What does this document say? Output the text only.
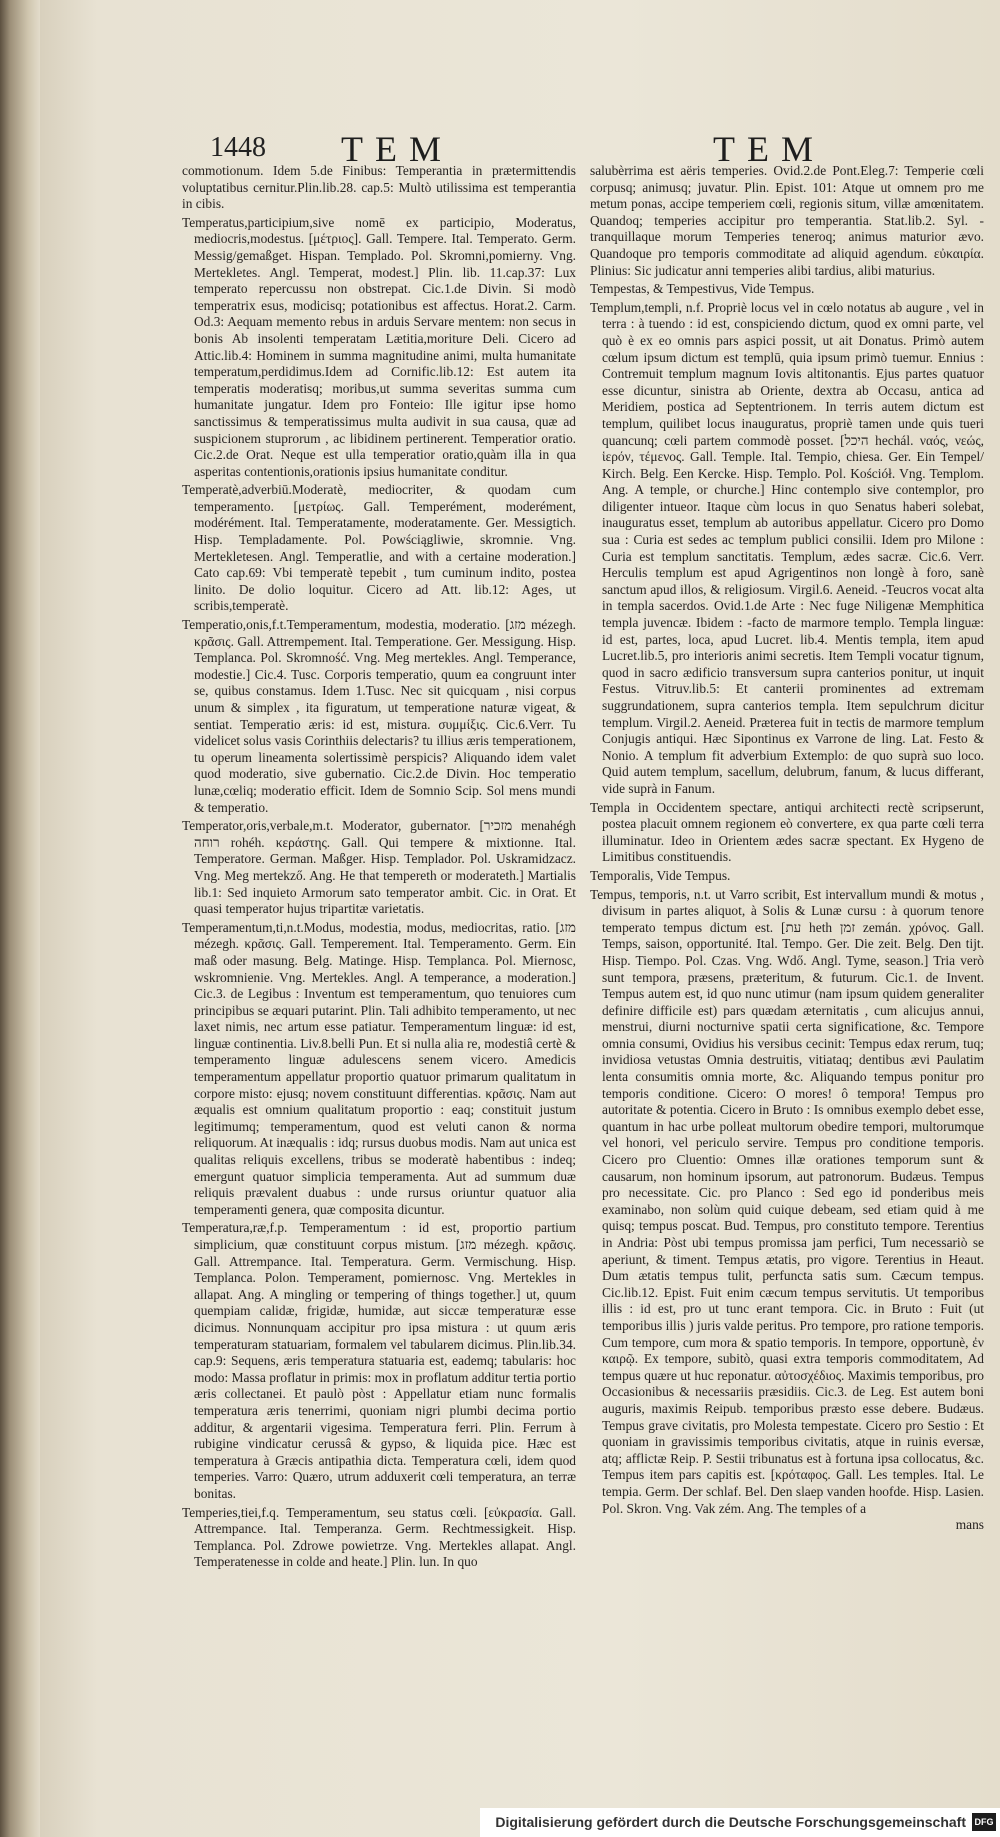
1448 TEM	TEM

commotionum. Idem 5.de Finibus: Temperantia in prætermittendis voluptatibus cernitur.Plin.lib.28. cap.5: Multò utilissima est temperantia in cibis.

Temperatus,participium,sive nomē ex participio, Moderatus, mediocris,modestus. [μέτριος]. Gall. Tempere. Ital. Temperato. Germ. Messig/gemaßget. Hispan. Templado. Pol. Skromni,pomierny. Vng. Mertekletes. Angl. Temperat, modest.] Plin. lib. 11.cap.37: Lux temperato repercussu non obstrepat. Cic.1.de Divin. Si modò temperatrix esus, modicisq; potationibus est affectus. Horat.2. Carm. Od.3: Aequam memento rebus in arduis Servare mentem: non secus in bonis Ab insolenti temperatam Lætitia,moriture Deli. Cicero ad Attic.lib.4: Hominem in summa magnitudine animi, multa humanitate temperatum,perdidimus.Idem ad Cornific.lib.12: Est autem ita temperatis moderatisq; moribus,ut summa severitas summa cum humanitate jungatur. Idem pro Fonteio: Ille igitur ipse homo sanctissimus & temperatissimus multa audivit in sua causa, quæ ad suspicionem stuprorum , ac libidinem pertinerent. Temperatior oratio. Cic.2.de Orat. Neque est ulla temperatior oratio,quàm illa in qua asperitas contentionis,orationis ipsius humanitate conditur.

Temperatè,adverbiū.Moderatè, mediocriter, & quodam cum temperamento. [μετρίως. Gall. Temperément, moderément, modérément. Ital. Temperatamente, moderatamente. Ger. Messigtich. Hisp. Templadamente. Pol. Powściągliwie, skromnie. Vng. Mertekletesen. Angl. Temperatlie, and with a certaine moderation.] Cato cap.69: Vbi temperatè tepebit , tum cuminum indito, postea linito. De dolio loquitur. Cicero ad Att. lib.12: Ages, ut scribis,temperatè.

Temperatio,onis,f.t.Temperamentum, modestia, moderatio. [מזג mézegh. κρᾶσις. Gall. Attrempement. Ital. Temperatione. Ger. Messigung. Hisp. Templanca. Pol. Skromność. Vng. Meg mertekles. Angl. Temperance, modestie.] Cic.4. Tusc. Corporis temperatio, quum ea congruunt inter se, quibus constamus. Idem 1.Tusc. Nec sit quicquam , nisi corpus unum & simplex , ita figuratum, ut temperatione naturæ vigeat, & sentiat. Temperatio æris: id est, mistura. συμμίξις. Cic.6.Verr. Tu videlicet solus vasis Corinthiis delectaris? tu illius æris temperationem, tu operum lineamenta solertissimè perspicis? Aliquando idem valet quod moderatio, sive gubernatio. Cic.2.de Divin. Hoc temperatio lunæ,cœliq; moderatio efficit. Idem de Somnio Scip. Sol mens mundi & temperatio.

Temperator,oris,verbale,m.t. Moderator, gubernator. [מזכיר menahégh רוחה rohéh. κεράστης. Gall. Qui tempere & mixtionne. Ital. Temperatore. German. Maßger. Hisp. Templador. Pol. Uskramidzacz. Vng. Meg mertekző. Ang. He that tempereth or moderateth.] Martialis lib.1: Sed inquieto Armorum sato temperator ambit. Cic. in Orat. Et quasi temperator hujus tripartitæ varietatis.

Temperamentum,ti,n.t.Modus, modestia, modus, mediocritas, ratio. [מזג mézegh. κρᾶσις. Gall. Temperement. Ital. Temperamento. Germ. Ein maß oder masung. Belg. Matinge. Hisp. Templanca. Pol. Miernosc, wskromnienie. Vng. Mertekles. Angl. A temperance, a moderation.] Cic.3. de Legibus : Inventum est temperamentum, quo tenuiores cum principibus se æquari putarint. Plin. Tali adhibito temperamento, ut nec laxet nimis, nec artum esse patiatur. Temperamentum linguæ: id est, linguæ continentia. Liv.8.belli Pun. Et si nulla alia re, modestiâ certè & temperamento linguæ adulescens senem vicero. Amedicis temperamentum appellatur proportio quatuor primarum qualitatum in corpore misto: ejusq; novem constituunt differentias. κρᾶσις. Nam aut æqualis est omnium qualitatum proportio : eaq; constituit justum legitimumq; temperamentum, quod est veluti canon & norma reliquorum. At inæqualis : idq; rursus duobus modis. Nam aut unica est qualitas reliquis excellens, tribus se moderatè habentibus : indeq; emergunt quatuor simplicia temperamenta. Aut ad summum duæ reliquis prævalent duabus : unde rursus oriuntur quatuor alia temperamenti genera, quæ composita dicuntur.

Temperatura,ræ,f.p. Temperamentum : id est, proportio partium simplicium, quæ constituunt corpus mistum. [מזג mézegh. κρᾶσις. Gall. Attrempance. Ital. Temperatura. Germ. Vermischung. Hisp. Templanca. Polon. Temperament, pomiernosc. Vng. Mertekles in allapat. Ang. A mingling or tempering of things together.] ut, quum quempiam calidæ, frigidæ, humidæ, aut siccæ temperaturæ esse dicimus. Nonnunquam accipitur pro ipsa mistura : ut quum æris temperaturam statuariam, formalem vel tabularem dicimus. Plin.lib.34. cap.9: Sequens, æris temperatura statuaria est, eademq; tabularis: hoc modo: Massa proflatur in primis: mox in proflatum additur tertia portio æris collectanei. Et paulò pòst : Appellatur etiam nunc formalis temperatura æris tenerrimi, quoniam nigri plumbi decima portio additur, & argentarii vigesima. Temperatura ferri. Plin. Ferrum à rubigine vindicatur cerussâ & gypso, & liquida pice. Hæc est temperatura à Græcis antipathia dicta. Temperatura cœli, idem quod temperies. Varro: Quæro, utrum adduxerit cœli temperatura, an terræ bonitas.

Temperies,tiei,f.q. Temperamentum, seu status cœli. [εὐκρασία. Gall. Attrempance. Ital. Temperanza. Germ. Rechtmessigkeit. Hisp. Templanca. Pol. Zdrowe powietrze. Vng. Mertekles allapat. Angl. Temperatenesse in colde and heate.] Plin. lun. In quo

salubèrrima est aëris temperies. Ovid.2.de Pont.Eleg.7: Temperie cœli corpusq; animusq; juvatur. Plin. Epist. 101: Atque ut omnem pro me metum ponas, accipe temperiem cœli, regionis situm, villæ amœnitatem. Quandoq; temperies accipitur pro temperantia. Stat.lib.2. Syl. -tranquillaque morum Temperies teneroq; animus maturior ævo. Quandoque pro temporis commoditate ad aliquid agendum. εὐκαιρία. Plinius: Sic judicatur anni temperies alibi tardius, alibi maturius.

Tempestas, & Tempestivus, Vide Tempus.

Templum,templi, n.f. Propriè locus vel in cœlo notatus ab augure , vel in terra : à tuendo : id est, conspiciendo dictum, quod ex omni parte, vel quò è ex eo omnis pars aspici possit, ut ait Donatus. Primò autem cœlum ipsum dictum est templū, quia ipsum primò tuemur. Ennius : Contremuit templum magnum Iovis altitonantis. Ejus partes quatuor esse dicuntur, sinistra ab Oriente, dextra ab Occasu, antica ad Meridiem, postica ad Septentrionem. In terris autem dictum est templum, quilibet locus inauguratus, propriè tamen unde quis tueri quancunq; cœli partem commodè posset. [היכל hechál. ναός, νεώς, ἱερόν, τέμενος. Gall. Temple. Ital. Tempio, chiesa. Ger. Ein Tempel/ Kirch. Belg. Een Kercke. Hisp. Templo. Pol. Kościół. Vng. Templom. Ang. A temple, or churche.] Hinc contemplo sive contemplor, pro diligenter intueor. Itaque cùm locus in quo Senatus haberi solebat, inauguratus esset, templum ab autoribus appellatur. Cicero pro Domo sua : Curia est sedes ac templum publici consilii. Idem pro Milone : Curia est templum sanctitatis. Templum, ædes sacræ. Cic.6. Verr. Herculis templum est apud Agrigentinos non longè à foro, sanè sanctum apud illos, & religiosum. Virgil.6. Aeneid. -Teucros vocat alta in templa sacerdos. Ovid.1.de Arte : Nec fuge Niligenæ Memphitica templa juvencæ. Ibidem : -facto de marmore templo. Templa linguæ: id est, partes, loca, apud Lucret. lib.4. Mentis templa, item apud Lucret.lib.5, pro interioris animi secretis. Item Templi vocatur tignum, quod in sacro ædificio transversum supra canterios ponitur, ut inquit Festus. Vitruv.lib.5: Et canterii prominentes ad extremam suggrundationem, supra canterios templa. Item sepulchrum dicitur templum. Virgil.2. Aeneid. Præterea fuit in tectis de marmore templum Conjugis antiqui. Hæc Sipontinus ex Varrone de ling. Lat. Festo & Nonio. A templum fit adverbium Extemplo: de quo suprà suo loco. Quid autem templum, sacellum, delubrum, fanum, & lucus differant, vide suprà in Fanum.

Templa in Occidentem spectare, antiqui architecti rectè scripserunt, postea placuit omnem regionem eò convertere, ex qua parte cœli terra illuminatur. Ideo in Orientem ædes sacræ spectant. Ex Hygeno de Limitibus constituendis.

Temporalis, Vide Tempus.

Tempus, temporis, n.t. ut Varro scribit, Est intervallum mundi & motus , divisum in partes aliquot, à Solis & Lunæ cursu : à quorum tenore temperato tempus dictum est. [עת heth זמן zemán. χρόνος. Gall. Temps, saison, opportunité. Ital. Tempo. Ger. Die zeit. Belg. Den tijt. Hisp. Tiempo. Pol. Czas. Vng. Wdő. Angl. Tyme, season.] Tria verò sunt tempora, præsens, præteritum, & futurum. Cic.1. de Invent. Tempus autem est, id quo nunc utimur (nam ipsum quidem generaliter definire difficile est) pars quædam æternitatis , cum alicujus annui, menstrui, diurni nocturnive spatii certa significatione, &c. Tempore omnia consumi, Ovidius his versibus cecinit: Tempus edax rerum, tuq; invidiosa vetustas Omnia destruitis, vitiataq; dentibus ævi Paulatim lenta consumitis omnia morte, &c. Aliquando tempus ponitur pro temporis conditione. Cicero: O mores! ô tempora! Tempus pro autoritate & potentia. Cicero in Bruto : Is omnibus exemplo debet esse, quantum in hac urbe polleat multorum obedire tempori, multorumque vel honori, vel periculo servire. Tempus pro conditione temporis. Cicero pro Cluentio: Omnes illæ orationes temporum sunt & causarum, non hominum ipsorum, aut patronorum. Budæus. Tempus pro necessitate. Cic. pro Planco : Sed ego id ponderibus meis examinabo, non solùm quid cuique debeam, sed etiam quid à me quisq; tempus poscat. Bud. Tempus, pro constituto tempore. Terentius in Andria: Pòst ubi tempus promissa jam perfici, Tum necessariò se aperiunt, & timent. Tempus ætatis, pro vigore. Terentius in Heaut. Dum ætatis tempus tulit, perfuncta satis sum. Cæcum tempus. Cic.lib.12. Epist. Fuit enim cæcum tempus servitutis. Ut temporibus illis : id est, pro ut tunc erant tempora. Cic. in Bruto : Fuit (ut temporibus illis ) juris valde peritus. Pro tempore, pro ratione temporis. Cum tempore, cum mora & spatio temporis. In tempore, opportunè, ἐν καιρῷ. Ex tempore, subitò, quasi extra temporis commoditatem, Ad tempus quære ut huc reponatur. αὐτοσχέδιος. Maximis temporibus, pro Occasionibus & necessariis præsidiis. Cic.3. de Leg. Est autem boni auguris, maximis Reipub. temporibus præsto esse debere. Budæus. Tempus grave civitatis, pro Molesta tempestate. Cicero pro Sestio : Et quoniam in gravissimis temporibus civitatis, atque in ruinis eversæ, atq; afflictæ Reip. P. Sestii tribunatus est à fortuna ipsa collocatus, &c. Tempus item pars capitis est. [κρόταφος. Gall. Les temples. Ital. Le tempia. Germ. Der schlaf. Bel. Den slaep vanden hoofde. Hisp. Lasien. Pol. Skron. Vng. Vak zém. Ang. The temples of a

mans

Digitalisierung gefördert durch die Deutsche Forschungsgemeinschaft DFG
